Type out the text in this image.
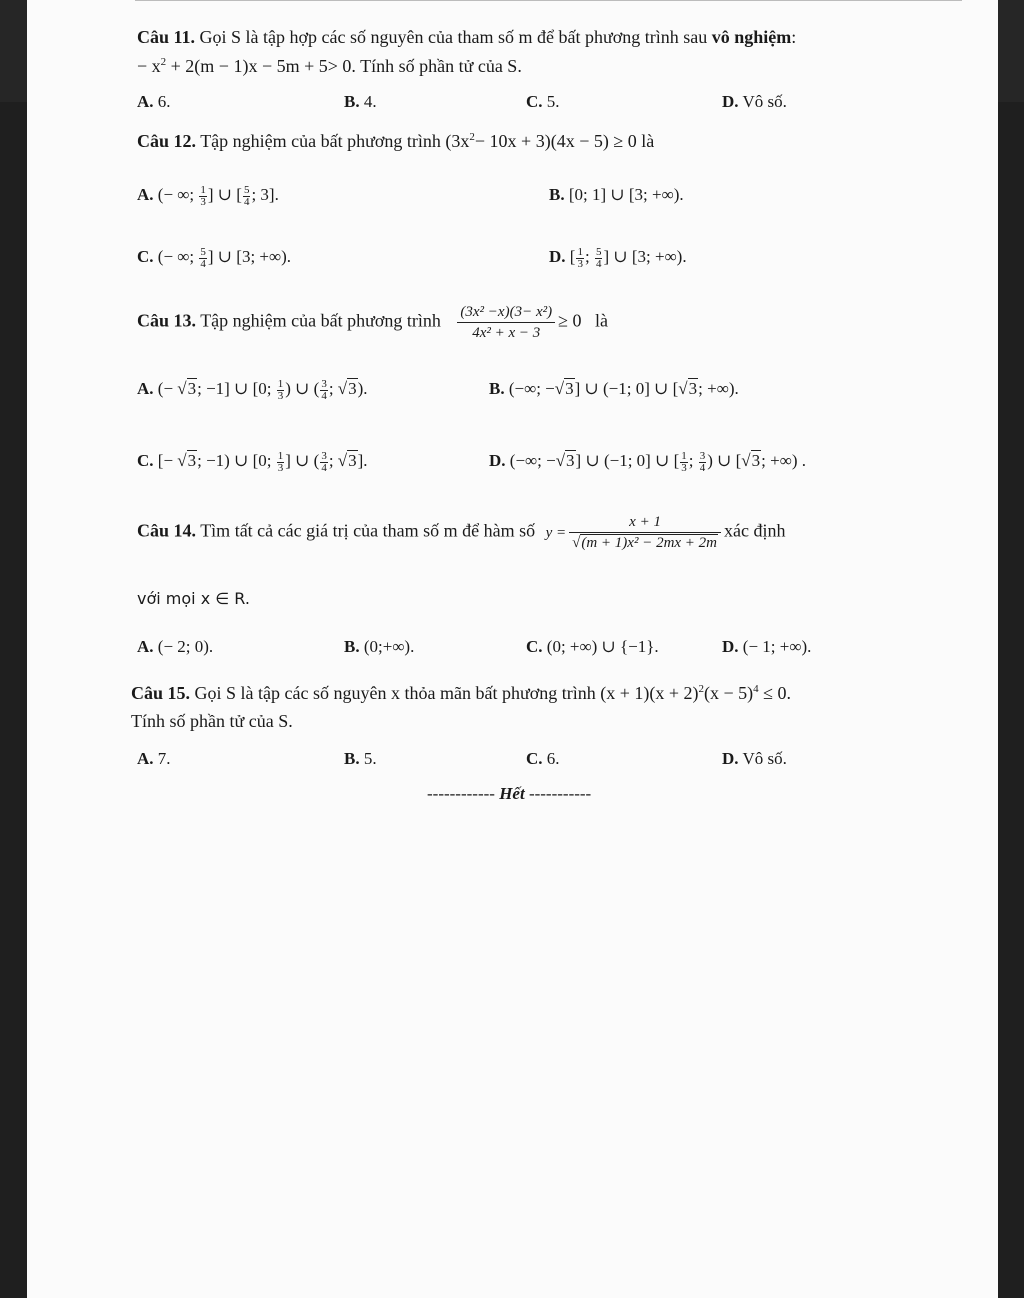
Câu 11. Gọi S là tập hợp các số nguyên của tham số m để bất phương trình sau vô nghiệm:
− $x^2 + 2(m - 1)x - 5m + 5> 0$. Tính số phần tử của S.
A. 6.	B. 4.	C. 5.	D. Vô số.
Câu 12. Tập nghiệm của bất phương trình $(3x^2- 10x + 3)(4x - 5) \ge 0$ là
A. (− ∞; $\frac{1}{3}$ ] ∪ [ $\frac{5}{4}$ ; 3].	B. [0; 1] ∪ [3; +∞).
C. (− ∞; $\frac{5}{4}$ ] ∪ [3; +∞).	D. [ $\frac{1}{3}$ ; $\frac{5}{4}$ ] ∪ [3; +∞).
Câu 13. Tập nghiệm của bất phương trình $\frac{\text{(3x² −x)(3− x²)}}{\text{4x² + x − 3}} \ge 0$ là
A. (− √3; −1] ∪ [0; $\frac{1}{3}$ ) ∪ ( $\frac{3}{4}$ ; √3).	B. (−∞; −√3] ∪ (−1; 0] ∪ [√3; +∞).
C. [− √3; −1) ∪ [0; $\frac{1}{3}$ ] ∪ ( $\frac{3}{4}$ ; √3].	D. (−∞; −√3] ∪ (−1; 0] ∪ [ $\frac{1}{3}$ ; $\frac{3}{4}$ ) ∪ [√3; +∞) .
Câu 14. Tìm tất cả các giá trị của tham số m để hàm số $y = \frac{x + 1}{\text{√(m + 1)x² − 2mx + 2m}}$ xác định
với mọi x ∈ R.
A. (− 2; 0).	B. (0;+∞).	C. (0; +∞) ∪ {−1}.	D. (− 1; +∞).
Câu 15. Gọi S là tập các số nguyên x thỏa mãn bất phương trình $(x + 1)(x + 2)^2(x - 5)^4 \le 0$.
Tính số phần tử của S.
A. 7.	B. 5.	C. 6.	D. Vô số.
------------ Hết -----------
